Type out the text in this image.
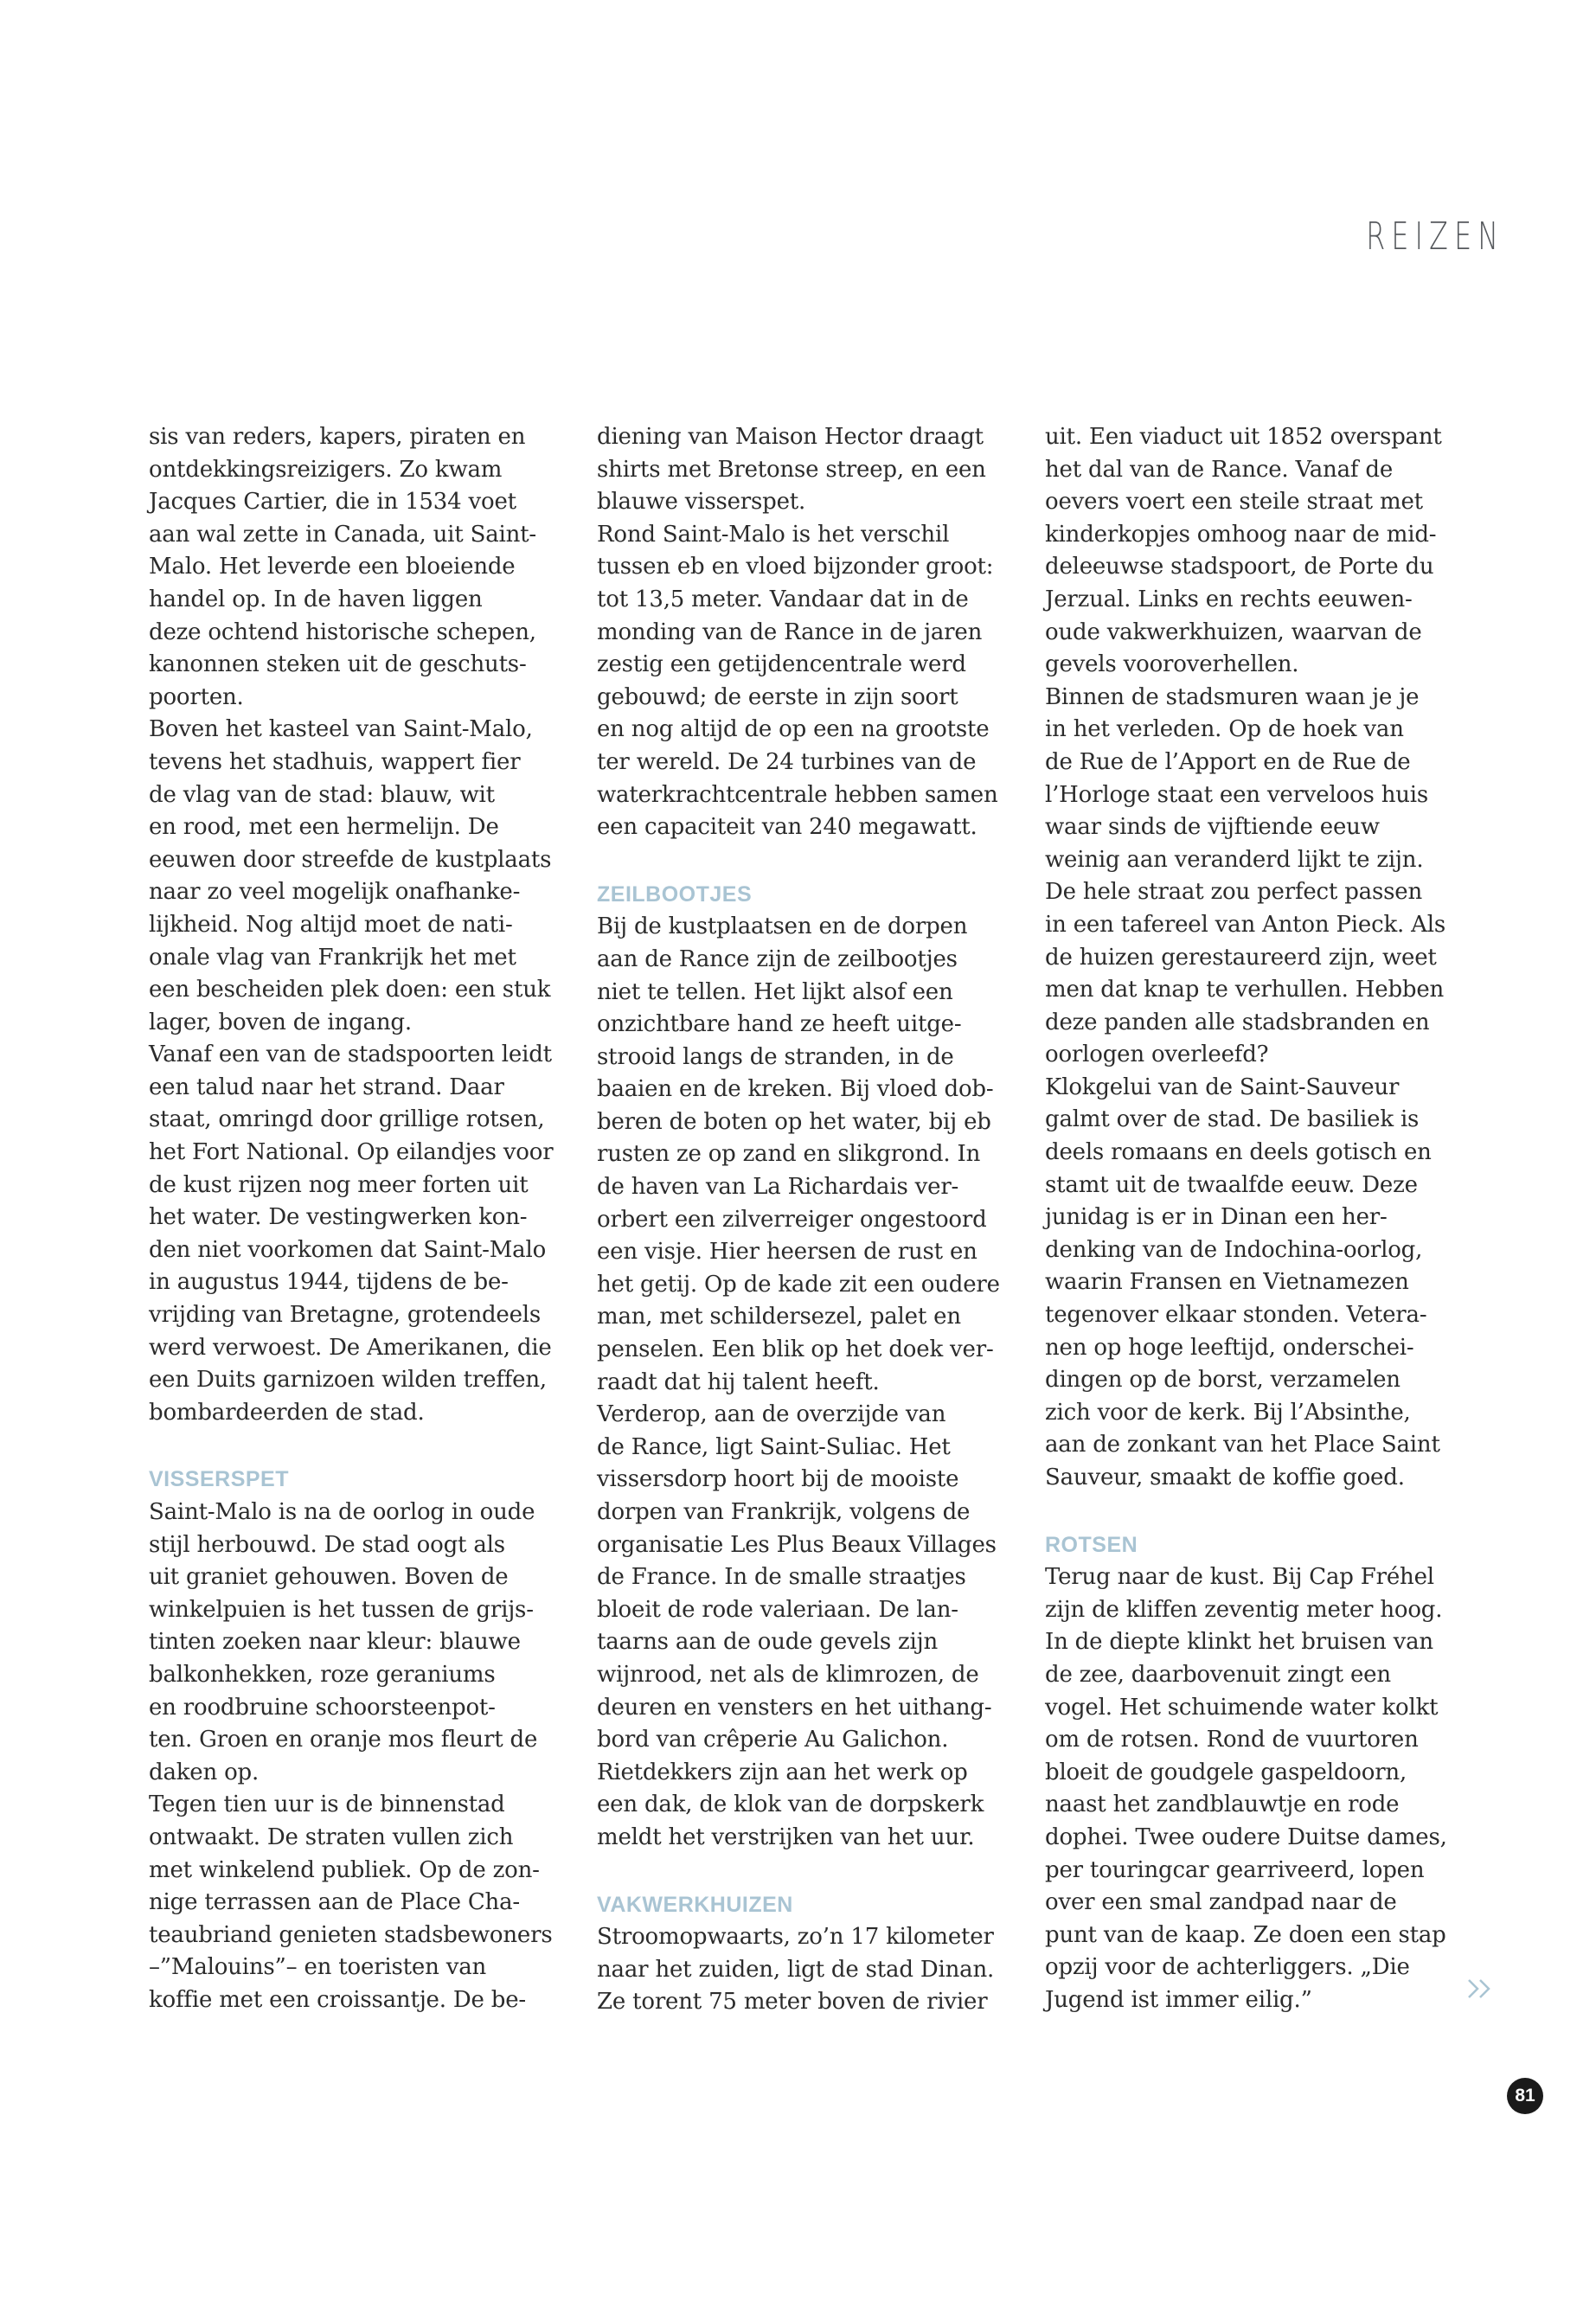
REIZEN

sis van reders, kapers, piraten en
ontdekkingsreizigers. Zo kwam
Jacques Cartier, die in 1534 voet
aan wal zette in Canada, uit Saint-
Malo. Het leverde een bloeiende
handel op. In de haven liggen
deze ochtend historische schepen,
kanonnen steken uit de geschuts-
poorten.

Boven het kasteel van Saint-Malo,
tevens het stadhuis, wappert fier
de vlag van de stad: blauw, wit
en rood, met een hermelijn. De
eeuwen door streefde de kustplaats
naar zo veel mogelijk onafhanke-
lijkheid. Nog altijd moet de nati-
onale vlag van Frankrijk het met
een bescheiden plek doen: een stuk
lager, boven de ingang.

Vanaf een van de stadspoorten leidt
een talud naar het strand. Daar
staat, omringd door grillige rotsen,
het Fort National. Op eilandjes voor
de kust rijzen nog meer forten uit
het water. De vestingwerken kon-
den niet voorkomen dat Saint-Malo
in augustus 1944, tijdens de be-
vrijding van Bretagne, grotendeels
werd verwoest. De Amerikanen, die
een Duits garnizoen wilden treffen,
bombardeerden de stad.

VISSERSPET

Saint-Malo is na de oorlog in oude
stijl herbouwd. De stad oogt als
uit graniet gehouwen. Boven de
winkelpuien is het tussen de grijs-
tinten zoeken naar kleur: blauwe
balkonhekken, roze geraniums
en roodbruine schoorsteenpot-
ten. Groen en oranje mos fleurt de
daken op.

Tegen tien uur is de binnenstad
ontwaakt. De straten vullen zich
met winkelend publiek. Op de zon-
nige terrassen aan de Place Cha-
teaubriand genieten stadsbewoners
–”Malouins”– en toeristen van
koffie met een croissantje. De be-

diening van Maison Hector draagt
shirts met Bretonse streep, en een
blauwe visserspet.

Rond Saint-Malo is het verschil
tussen eb en vloed bijzonder groot:
tot 13,5 meter. Vandaar dat in de
monding van de Rance in de jaren
zestig een getijdencentrale werd
gebouwd; de eerste in zijn soort
en nog altijd de op een na grootste
ter wereld. De 24 turbines van de
waterkrachtcentrale hebben samen
een capaciteit van 240 megawatt.

ZEILBOOTJES

Bij de kustplaatsen en de dorpen
aan de Rance zijn de zeilbootjes
niet te tellen. Het lijkt alsof een
onzichtbare hand ze heeft uitge-
strooid langs de stranden, in de
baaien en de kreken. Bij vloed dob-
beren de boten op het water, bij eb
rusten ze op zand en slikgrond. In
de haven van La Richardais ver-
orbert een zilverreiger ongestoord
een visje. Hier heersen de rust en
het getij. Op de kade zit een oudere
man, met schildersezel, palet en
penselen. Een blik op het doek ver-
raadt dat hij talent heeft.

Verderop, aan de overzijde van
de Rance, ligt Saint-Suliac. Het
vissersdorp hoort bij de mooiste
dorpen van Frankrijk, volgens de
organisatie Les Plus Beaux Villages
de France. In de smalle straatjes
bloeit de rode valeriaan. De lan-
taarns aan de oude gevels zijn
wijnrood, net als de klimrozen, de
deuren en vensters en het uithang-
bord van crêperie Au Galichon.
Rietdekkers zijn aan het werk op
een dak, de klok van de dorpskerk
meldt het verstrijken van het uur.

VAKWERKHUIZEN

Stroomopwaarts, zo’n 17 kilometer
naar het zuiden, ligt de stad Dinan.
Ze torent 75 meter boven de rivier

uit. Een viaduct uit 1852 overspant
het dal van de Rance. Vanaf de
oevers voert een steile straat met
kinderkopjes omhoog naar de mid-
deleeuwse stadspoort, de Porte du
Jerzual. Links en rechts eeuwen-
oude vakwerkhuizen, waarvan de
gevels vooroverhellen.

Binnen de stadsmuren waan je je
in het verleden. Op de hoek van
de Rue de l’Apport en de Rue de
l’Horloge staat een verveloos huis
waar sinds de vijftiende eeuw
weinig aan veranderd lijkt te zijn.
De hele straat zou perfect passen
in een tafereel van Anton Pieck. Als
de huizen gerestaureerd zijn, weet
men dat knap te verhullen. Hebben
deze panden alle stadsbranden en
oorlogen overleefd?

Klokgelui van de Saint-Sauveur
galmt over de stad. De basiliek is
deels romaans en deels gotisch en
stamt uit de twaalfde eeuw. Deze
junidag is er in Dinan een her-
denking van de Indochina-oorlog,
waarin Fransen en Vietnamezen
tegenover elkaar stonden. Vetera-
nen op hoge leeftijd, onderschei-
dingen op de borst, verzamelen
zich voor de kerk. Bij l’Absinthe,
aan de zonkant van het Place Saint
Sauveur, smaakt de koffie goed.

ROTSEN

Terug naar de kust. Bij Cap Fréhel
zijn de kliffen zeventig meter hoog.
In de diepte klinkt het bruisen van
de zee, daarbovenuit zingt een
vogel. Het schuimende water kolkt
om de rotsen. Rond de vuurtoren
bloeit de goudgele gaspeldoorn,
naast het zandblauwtje en rode
dophei. Twee oudere Duitse dames,
per touringcar gearriveerd, lopen
over een smal zandpad naar de
punt van de kaap. Ze doen een stap
opzij voor de achterliggers. „Die
Jugend ist immer eilig.”

81
